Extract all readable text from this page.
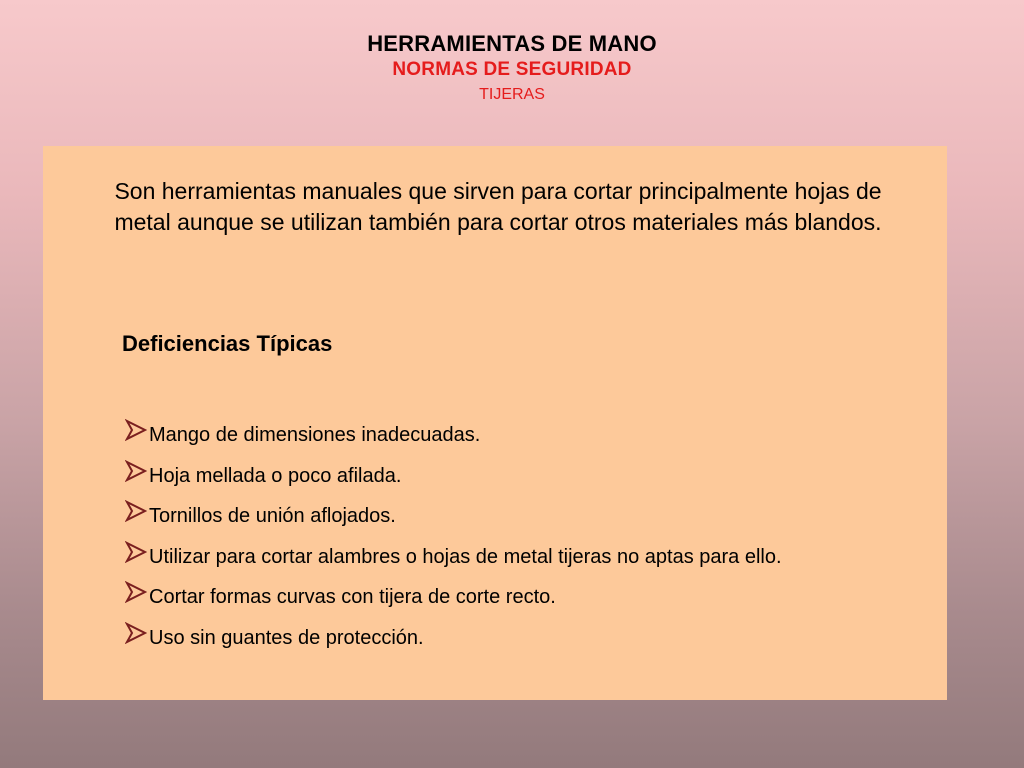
HERRAMIENTAS DE MANO
NORMAS DE SEGURIDAD
TIJERAS
Son herramientas manuales que sirven para cortar principalmente hojas de metal aunque se utilizan también para cortar otros materiales más blandos.
Deficiencias Típicas
Mango de dimensiones inadecuadas.
Hoja mellada o poco afilada.
Tornillos de unión aflojados.
Utilizar para cortar alambres o hojas de metal tijeras no aptas para ello.
Cortar formas curvas con tijera de corte recto.
Uso sin guantes de protección.
